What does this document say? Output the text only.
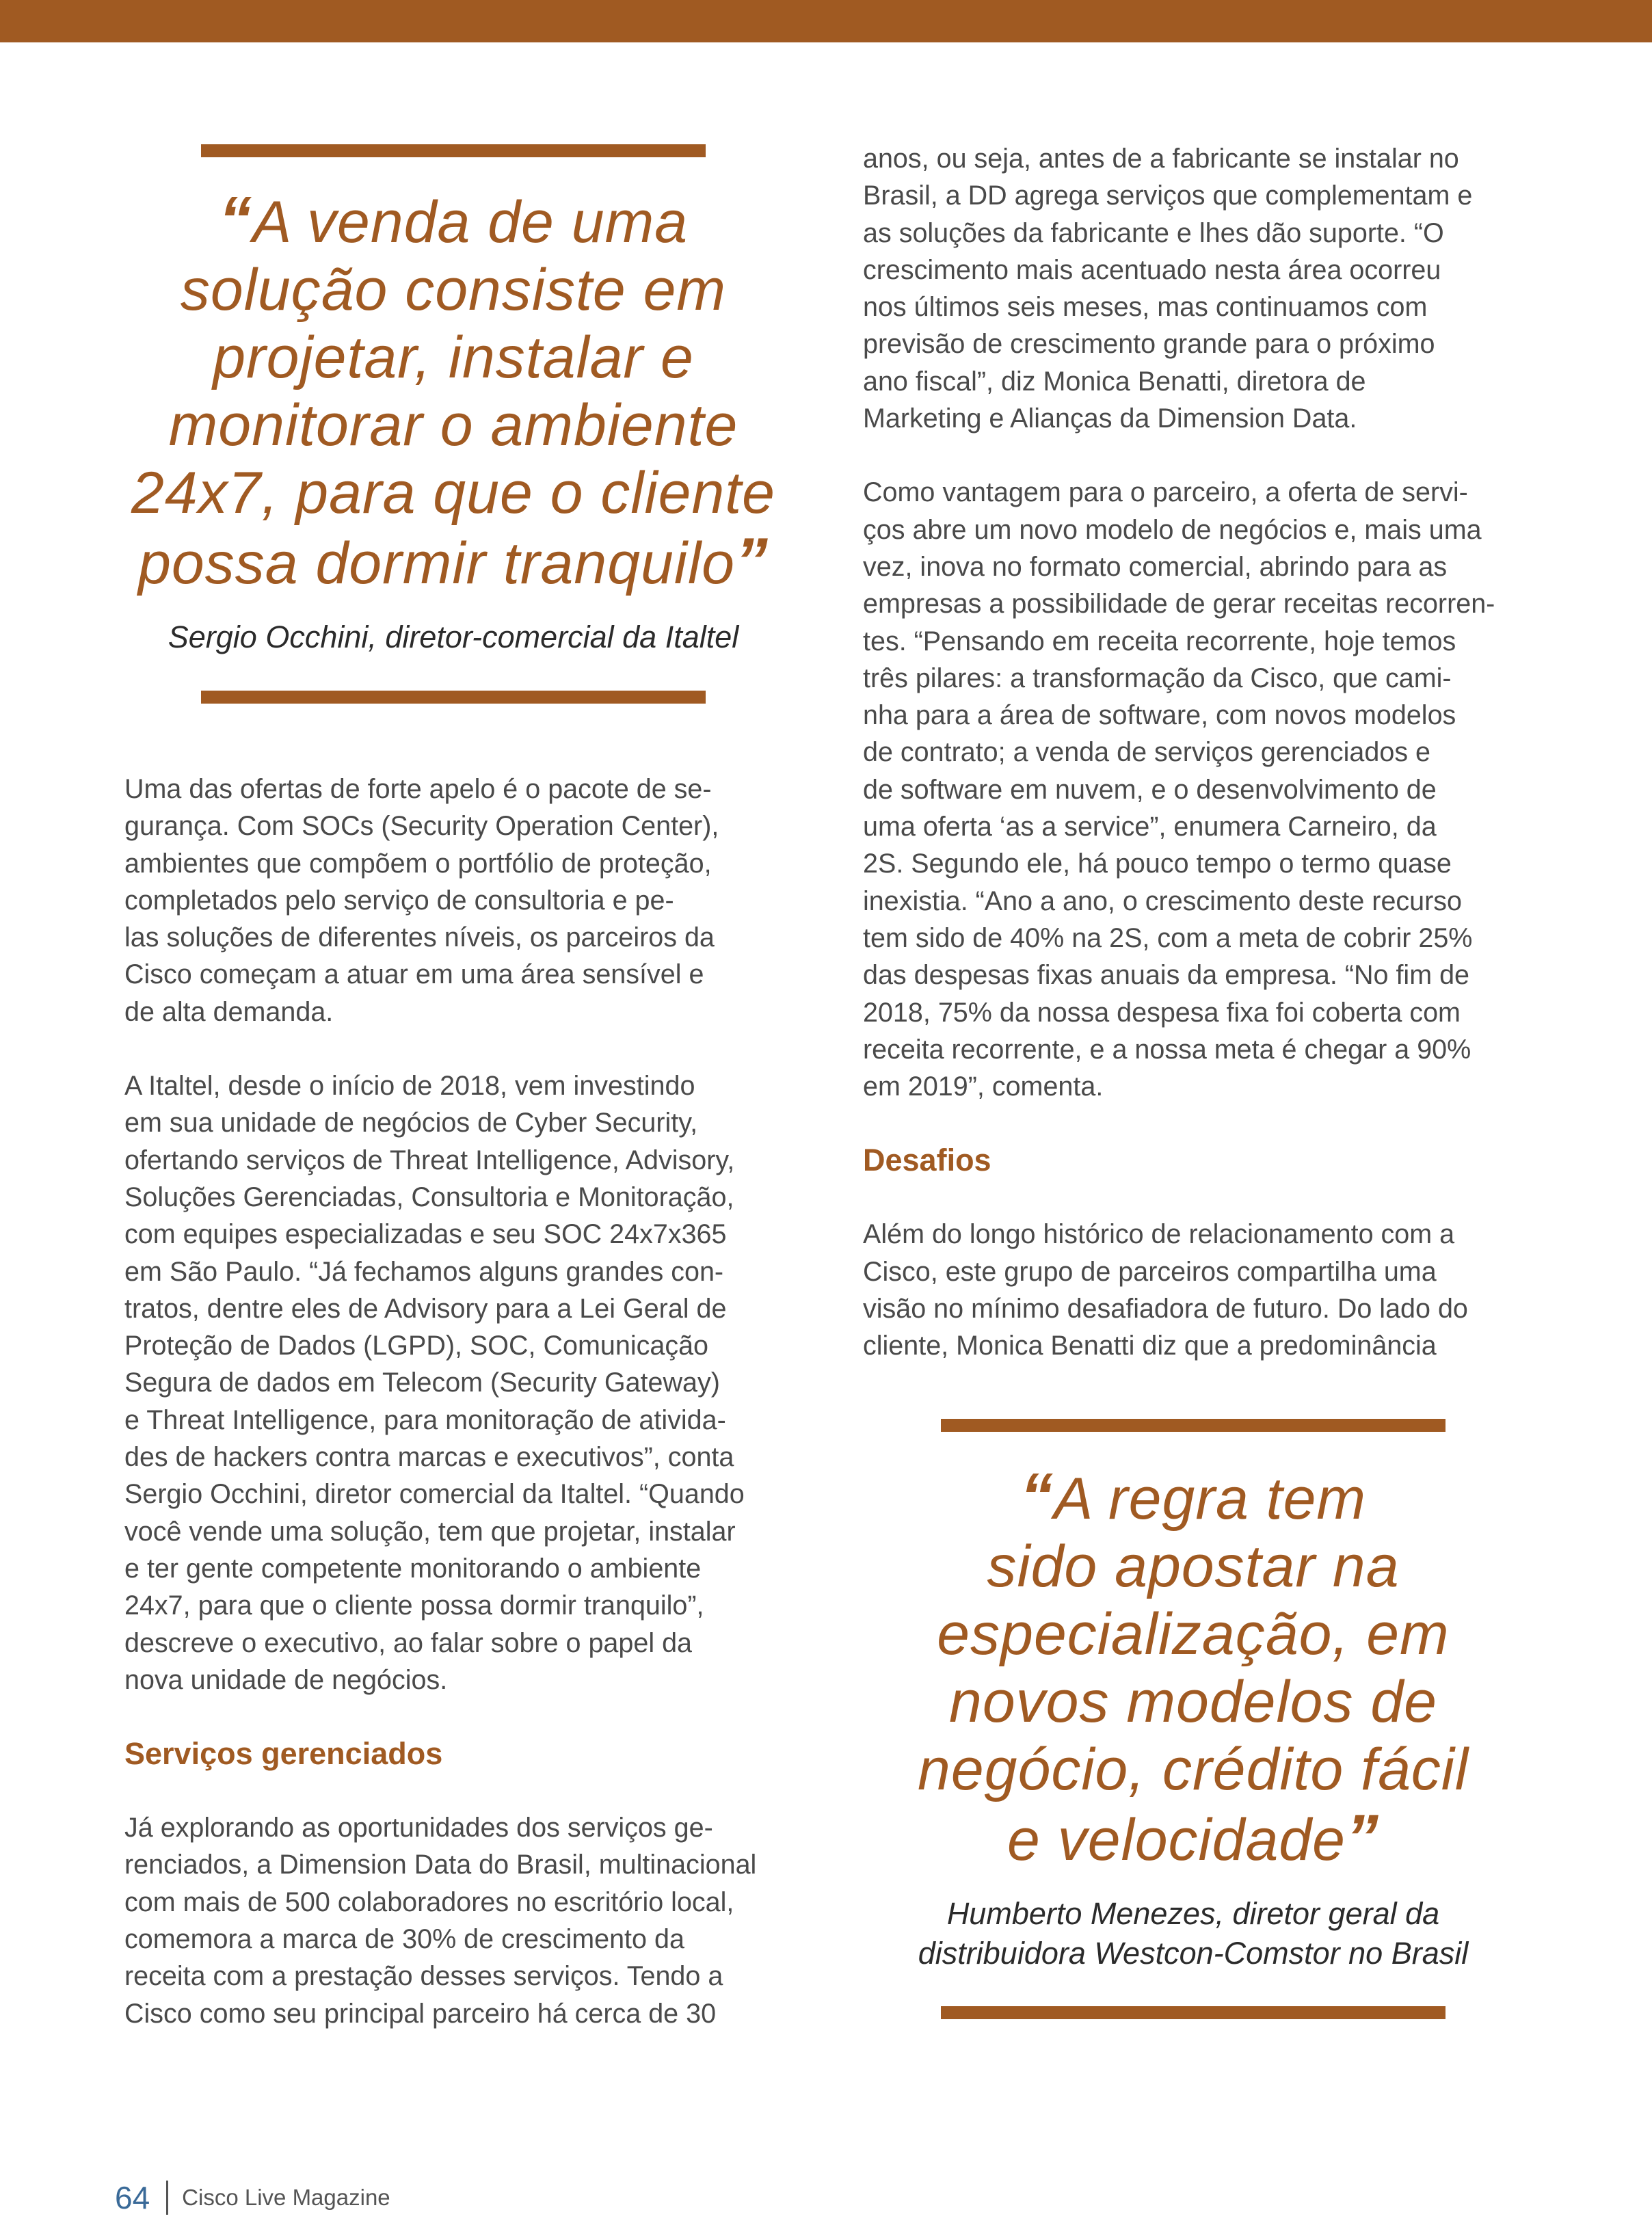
“A venda de uma
solução consiste em
projetar, instalar e
monitorar o ambiente
24x7, para que o cliente
possa dormir tranquilo”
Sergio Occhini, diretor-comercial da Italtel

Uma das ofertas de forte apelo é o pacote de se-
gurança. Com SOCs (Security Operation Center),
ambientes que compõem o portfólio de proteção,
completados pelo serviço de consultoria e pe-
las soluções de diferentes níveis, os parceiros da
Cisco começam a atuar em uma área sensível e
de alta demanda.

A Italtel, desde o início de 2018, vem investindo
em sua unidade de negócios de Cyber Security,
ofertando serviços de Threat Intelligence, Advisory,
Soluções Gerenciadas, Consultoria e Monitoração,
com equipes especializadas e seu SOC 24x7x365
em São Paulo. “Já fechamos alguns grandes con-
tratos, dentre eles de Advisory para a Lei Geral de
Proteção de Dados (LGPD), SOC, Comunicação
Segura de dados em Telecom (Security Gateway)
e Threat Intelligence, para monitoração de ativida-
des de hackers contra marcas e executivos”, conta
Sergio Occhini, diretor comercial da Italtel. “Quando
você vende uma solução, tem que projetar, instalar
e ter gente competente monitorando o ambiente
24x7, para que o cliente possa dormir tranquilo”,
descreve o executivo, ao falar sobre o papel da
nova unidade de negócios.

Serviços gerenciados

Já explorando as oportunidades dos serviços ge-
renciados, a Dimension Data do Brasil, multinacional
com mais de 500 colaboradores no escritório local,
comemora a marca de 30% de crescimento da
receita com a prestação desses serviços. Tendo a
Cisco como seu principal parceiro há cerca de 30

anos, ou seja, antes de a fabricante se instalar no
Brasil, a DD agrega serviços que complementam e
as soluções da fabricante e lhes dão suporte. “O
crescimento mais acentuado nesta área ocorreu
nos últimos seis meses, mas continuamos com
previsão de crescimento grande para o próximo
ano fiscal”, diz Monica Benatti, diretora de
Marketing e Alianças da Dimension Data.

Como vantagem para o parceiro, a oferta de servi-
ços abre um novo modelo de negócios e, mais uma
vez, inova no formato comercial, abrindo para as
empresas a possibilidade de gerar receitas recorren-
tes. “Pensando em receita recorrente, hoje temos
três pilares: a transformação da Cisco, que cami-
nha para a área de software, com novos modelos
de contrato; a venda de serviços gerenciados e
de software em nuvem, e o desenvolvimento de
uma oferta ‘as a service”, enumera Carneiro, da
2S. Segundo ele, há pouco tempo o termo quase
inexistia. “Ano a ano, o crescimento deste recurso
tem sido de 40% na 2S, com a meta de cobrir 25%
das despesas fixas anuais da empresa. “No fim de
2018, 75% da nossa despesa fixa foi coberta com
receita recorrente, e a nossa meta é chegar a 90%
em 2019”, comenta.

Desafios

Além do longo histórico de relacionamento com a
Cisco, este grupo de parceiros compartilha uma
visão no mínimo desafiadora de futuro. Do lado do
cliente, Monica Benatti diz que a predominância

“A regra tem
sido apostar na
especialização, em
novos modelos de
negócio, crédito fácil
e velocidade”
Humberto Menezes, diretor geral da
distribuidora Westcon-Comstor no Brasil
64 Cisco Live Magazine
